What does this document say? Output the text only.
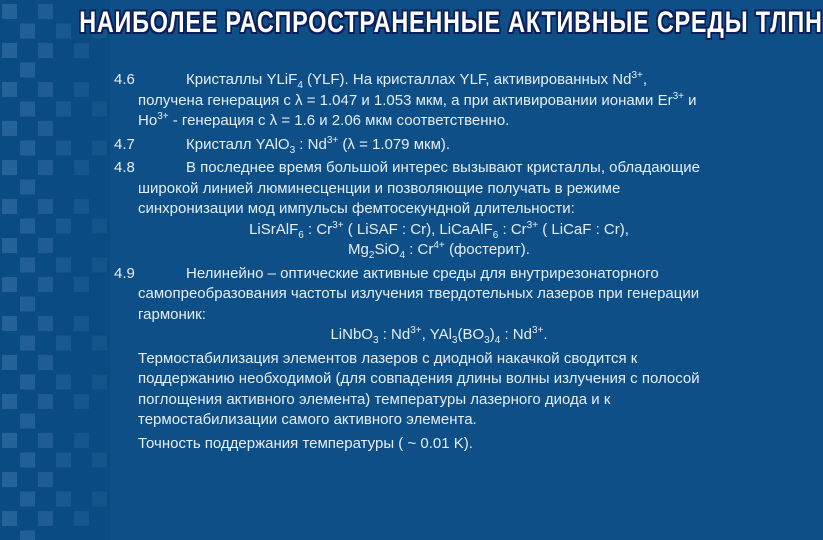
НАИБОЛЕЕ РАСПРОСТРАНЕННЫЕ АКТИВНЫЕ СРЕДЫ ТЛПН
4.6	Кристаллы YLiF$_4$ (YLF). На кристаллах YLF, активированных $Nd^{3+}$, получена генерация с λ = 1.047 и 1.053 мкм, а при активировании ионами $Er^{3+}$ и $Ho^{3+}$ - генерация с λ = 1.6 и 2.06 мкм соответственно.
4.7	Кристалл YAlO$_3$ : $Nd^{3+}$ (λ = 1.079 мкм).
4.8	В последнее время большой интерес вызывают кристаллы, обладающие широкой линией люминесценции и позволяющие получать в режиме синхронизации мод импульсы фемтосекундной длительности:
LiSrAlF$_6$ : $Cr^{3+}$ ( LiSAF : Cr), LiCaAlF$_6$ : $Cr^{3+}$ ( LiCaF : Cr),
$Mg_2SiO_4$ : $Cr^{4+}$ (фостерит).
4.9	Нелинейно – оптические активные среды для внутрирезонаторного самопреобразования частоты излучения твердотельных лазеров при генерации гармоник:
LiNbO$_3$ : $Nd^{3+}$, $YAl_3(BO_3)_4$ : $Nd^{3+}$.
Термостабилизация элементов лазеров с диодной накачкой сводится к поддержанию необходимой (для совпадения длины волны излучения с полосой поглощения активного элемента) температуры лазерного диода и к термостабилизации самого активного элемента.
Точность поддержания температуры ( ~ 0.01 K).
